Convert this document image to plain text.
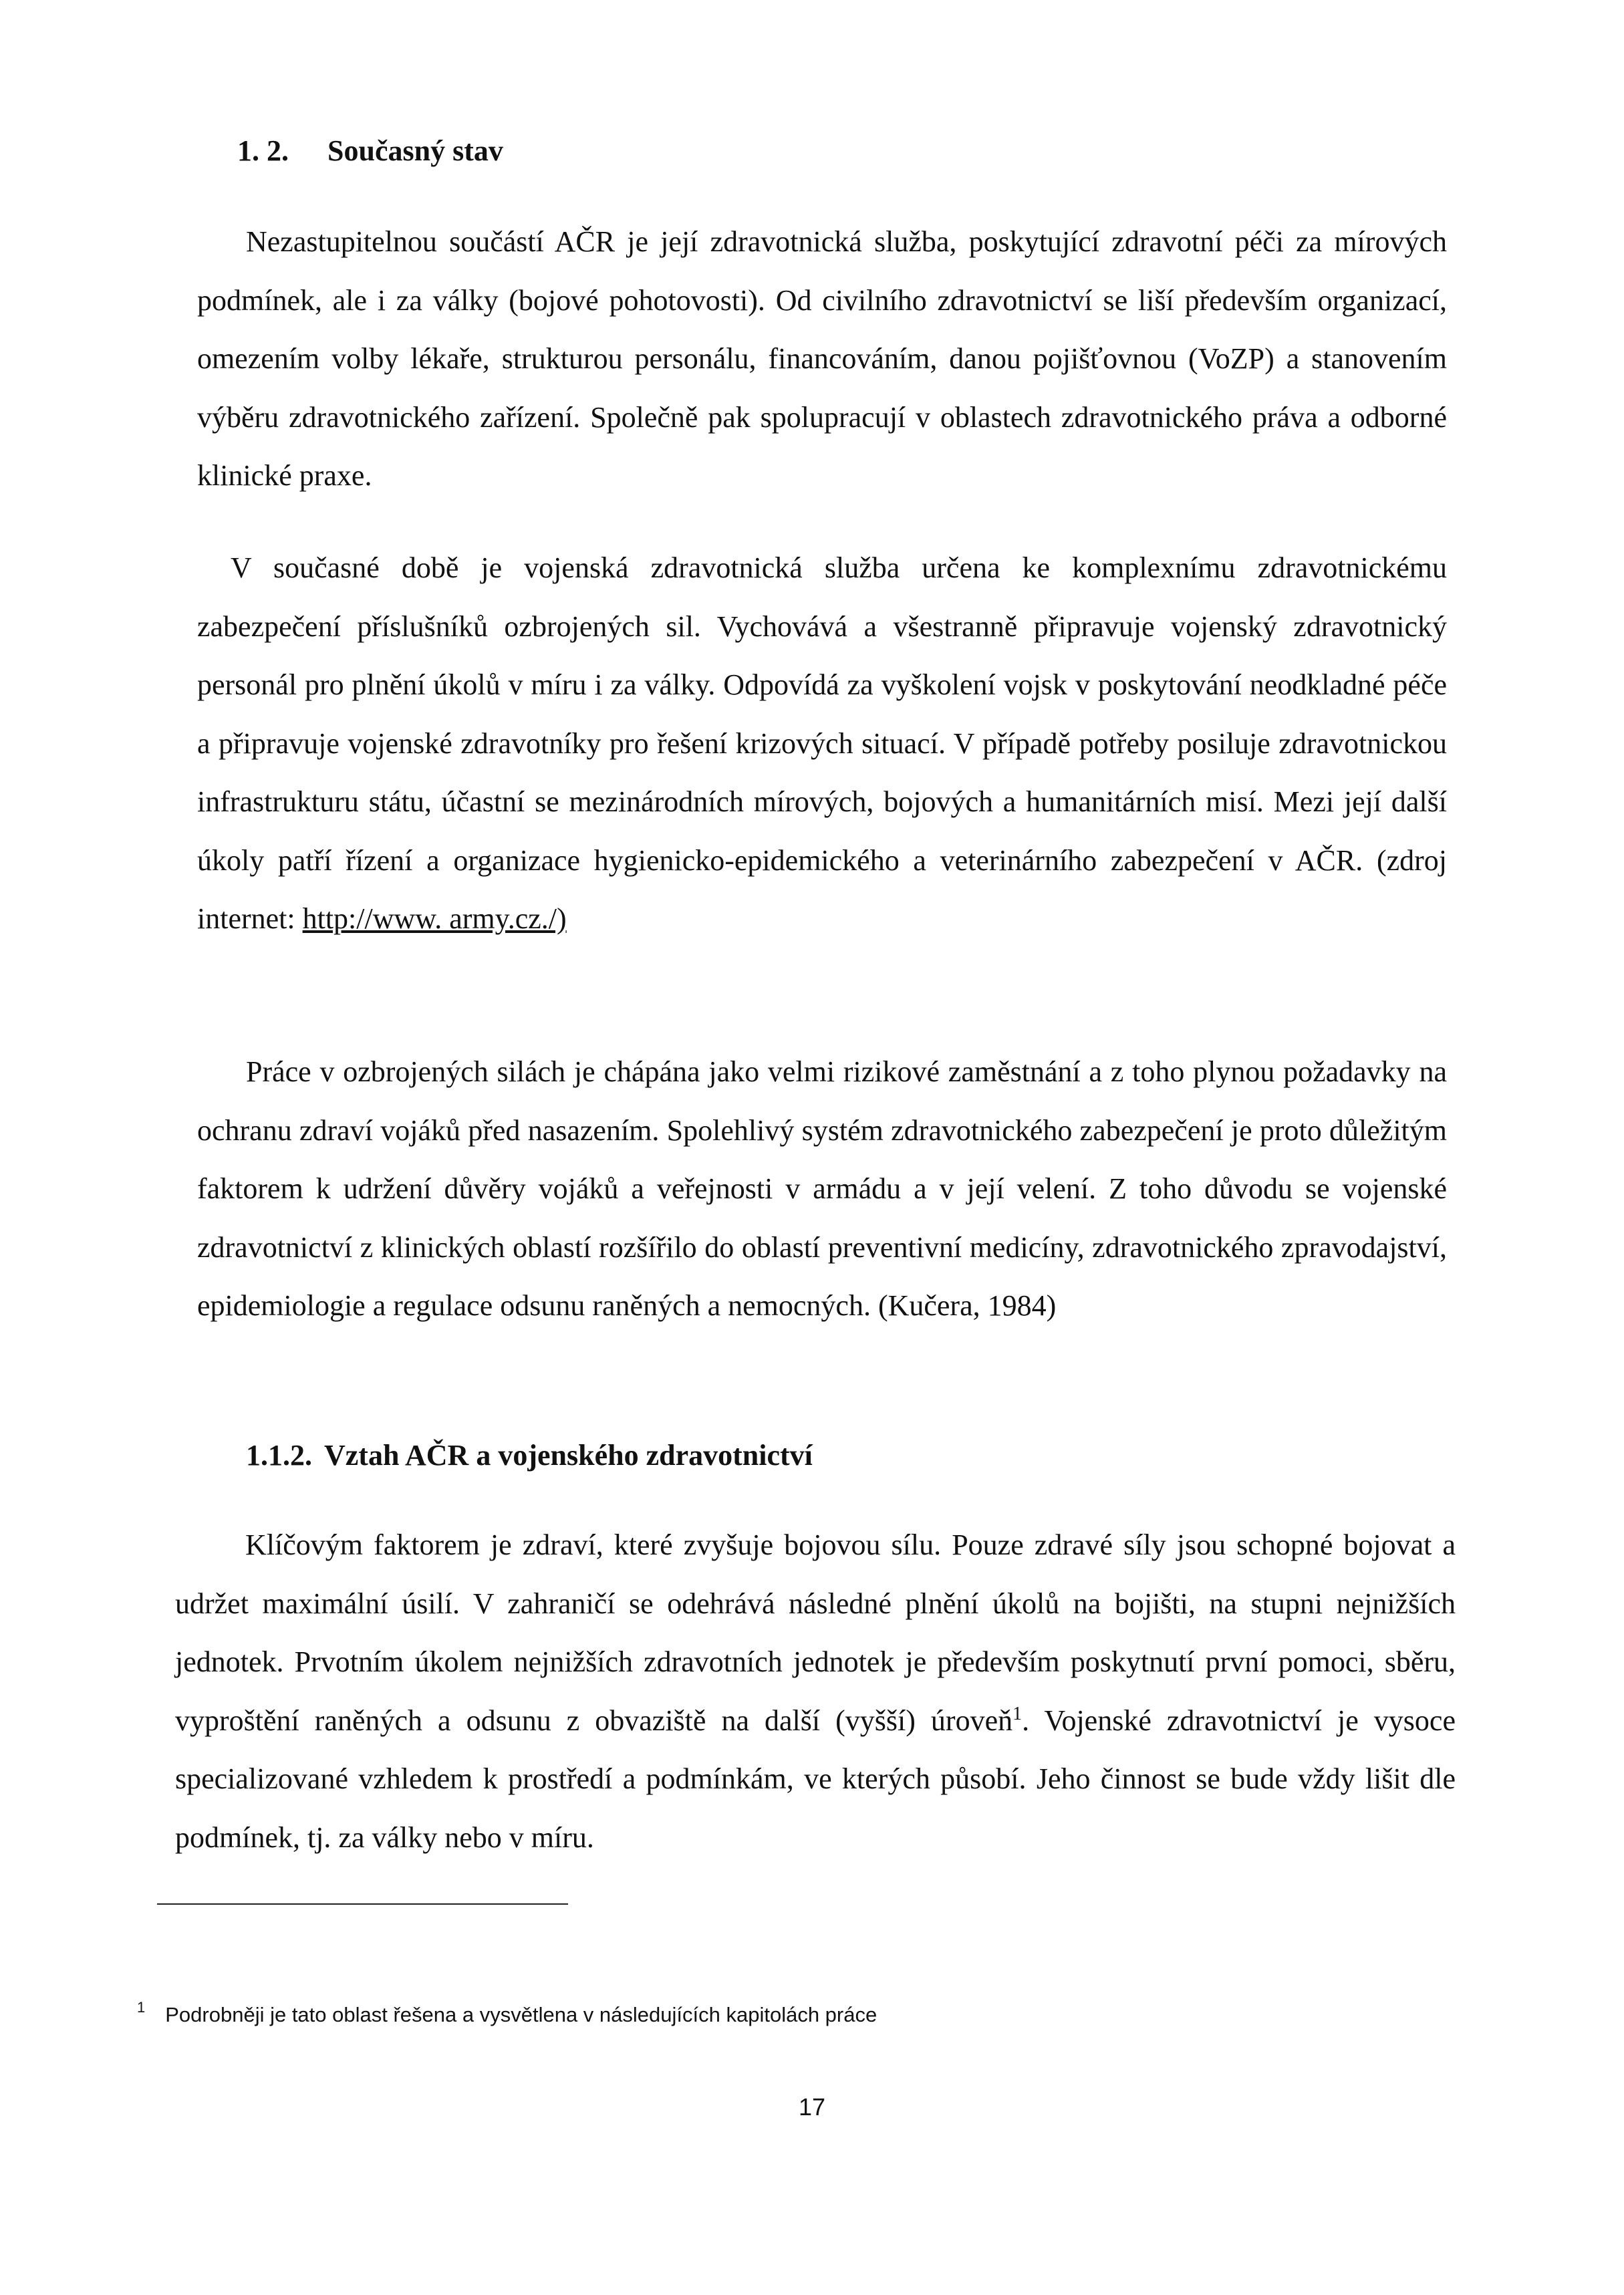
1. 2. Současný stav

Nezastupitelnou součástí AČR je její zdravotnická služba, poskytující zdravotní péči za mírových podmínek, ale i za války (bojové pohotovosti). Od civilního zdravotnictví se liší především organizací, omezením volby lékaře, strukturou personálu, financováním, danou pojišťovnou (VoZP) a stanovením výběru zdravotnického zařízení. Společně pak spolupracují v oblastech zdravotnického práva a odborné klinické praxe.

V současné době je vojenská zdravotnická služba určena ke komplexnímu zdravotnickému zabezpečení příslušníků ozbrojených sil. Vychovává a všestranně připravuje vojenský zdravotnický personál pro plnění úkolů v míru i za války. Odpovídá za vyškolení vojsk v poskytování neodkladné péče a připravuje vojenské zdravotníky pro řešení krizových situací. V případě potřeby posiluje zdravotnickou infrastrukturu státu, účastní se mezinárodních mírových, bojových a humanitárních misí. Mezi její další úkoly patří řízení a organizace hygienicko-epidemického a veterinárního zabezpečení v AČR. (zdroj internet: http://www. army.cz./)

Práce v ozbrojených silách je chápána jako velmi rizikové zaměstnání a z toho plynou požadavky na ochranu zdraví vojáků před nasazením. Spolehlivý systém zdravotnického zabezpečení je proto důležitým faktorem k udržení důvěry vojáků a veřejnosti v armádu a v její velení. Z toho důvodu se vojenské zdravotnictví z klinických oblastí rozšířilo do oblastí preventivní medicíny, zdravotnického zpravodajství, epidemiologie a regulace odsunu raněných a nemocných. (Kučera, 1984)

1.1.2. Vztah AČR a vojenského zdravotnictví

Klíčovým faktorem je zdraví, které zvyšuje bojovou sílu. Pouze zdravé síly jsou schopné bojovat a udržet maximální úsilí. V zahraničí se odehrává následné plnění úkolů na bojišti, na stupni nejnižších jednotek. Prvotním úkolem nejnižších zdravotních jednotek je především poskytnutí první pomoci, sběru, vyproštění raněných a odsunu z obvaziště na další (vyšší) úroveň$^1$. Vojenské zdravotnictví je vysoce specializované vzhledem k prostředí a podmínkám, ve kterých působí. Jeho činnost se bude vždy lišit dle podmínek, tj. za války nebo v míru.

$^1$ Podrobněji je tato oblast řešena a vysvětlena v následujících kapitolách práce
17
